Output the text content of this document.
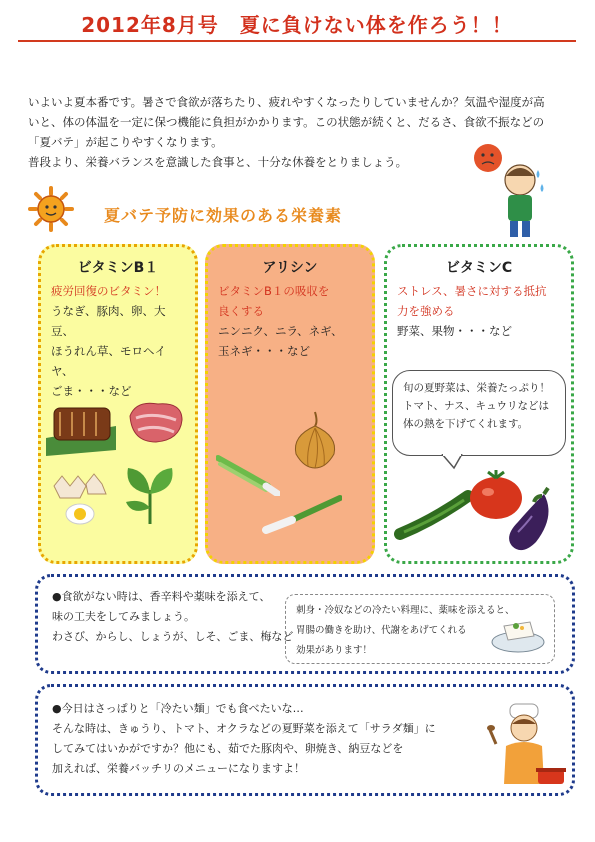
2012年8月号　夏に負けない体を作ろう！！

いよいよ夏本番です。暑さで食欲が落ちたり、疲れやすくなったりしていませんか？気温や湿度が高

いと、体の体温を一定に保つ機能に負担がかかります。この状態が続くと、だるさ、食欲不振などの

「夏バテ」が起こりやすくなります。

普段より、栄養バランスを意識した食事と、十分な休養をとりましょう。

夏バテ予防に効果のある栄養素
ビタミンB１
疲労回復のビタミン！
うなぎ、豚肉、卵、大豆、
ほうれん草、モロヘイヤ、
ごま・・・など
アリシン
ビタミンB１の吸収を
良くする
ニンニク、ニラ、ネギ、
玉ネギ・・・など
ビタミンC
ストレス、暑さに対する抵抗
力を強める
野菜、果物・・・など
旬の夏野菜は、栄養たっぷり！
トマト、ナス、キュウリなどは
体の熱を下げてくれます。
●食欲がない時は、香辛料や薬味を添えて、
味の工夫をしてみましょう。
わさび、からし、しょうが、しそ、ごま、梅など
刺身・冷奴などの冷たい料理に、薬味を添えると、
胃腸の働きを助け、代謝をあげてくれる
効果があります！
●今日はさっぱりと「冷たい麺」でも食べたいな…
そんな時は、きゅうり、トマト、オクラなどの夏野菜を添えて「サラダ麺」に
してみてはいかがですか？他にも、茹でた豚肉や、卵焼き、納豆などを
加えれば、栄養バッチリのメニューになりますよ！
